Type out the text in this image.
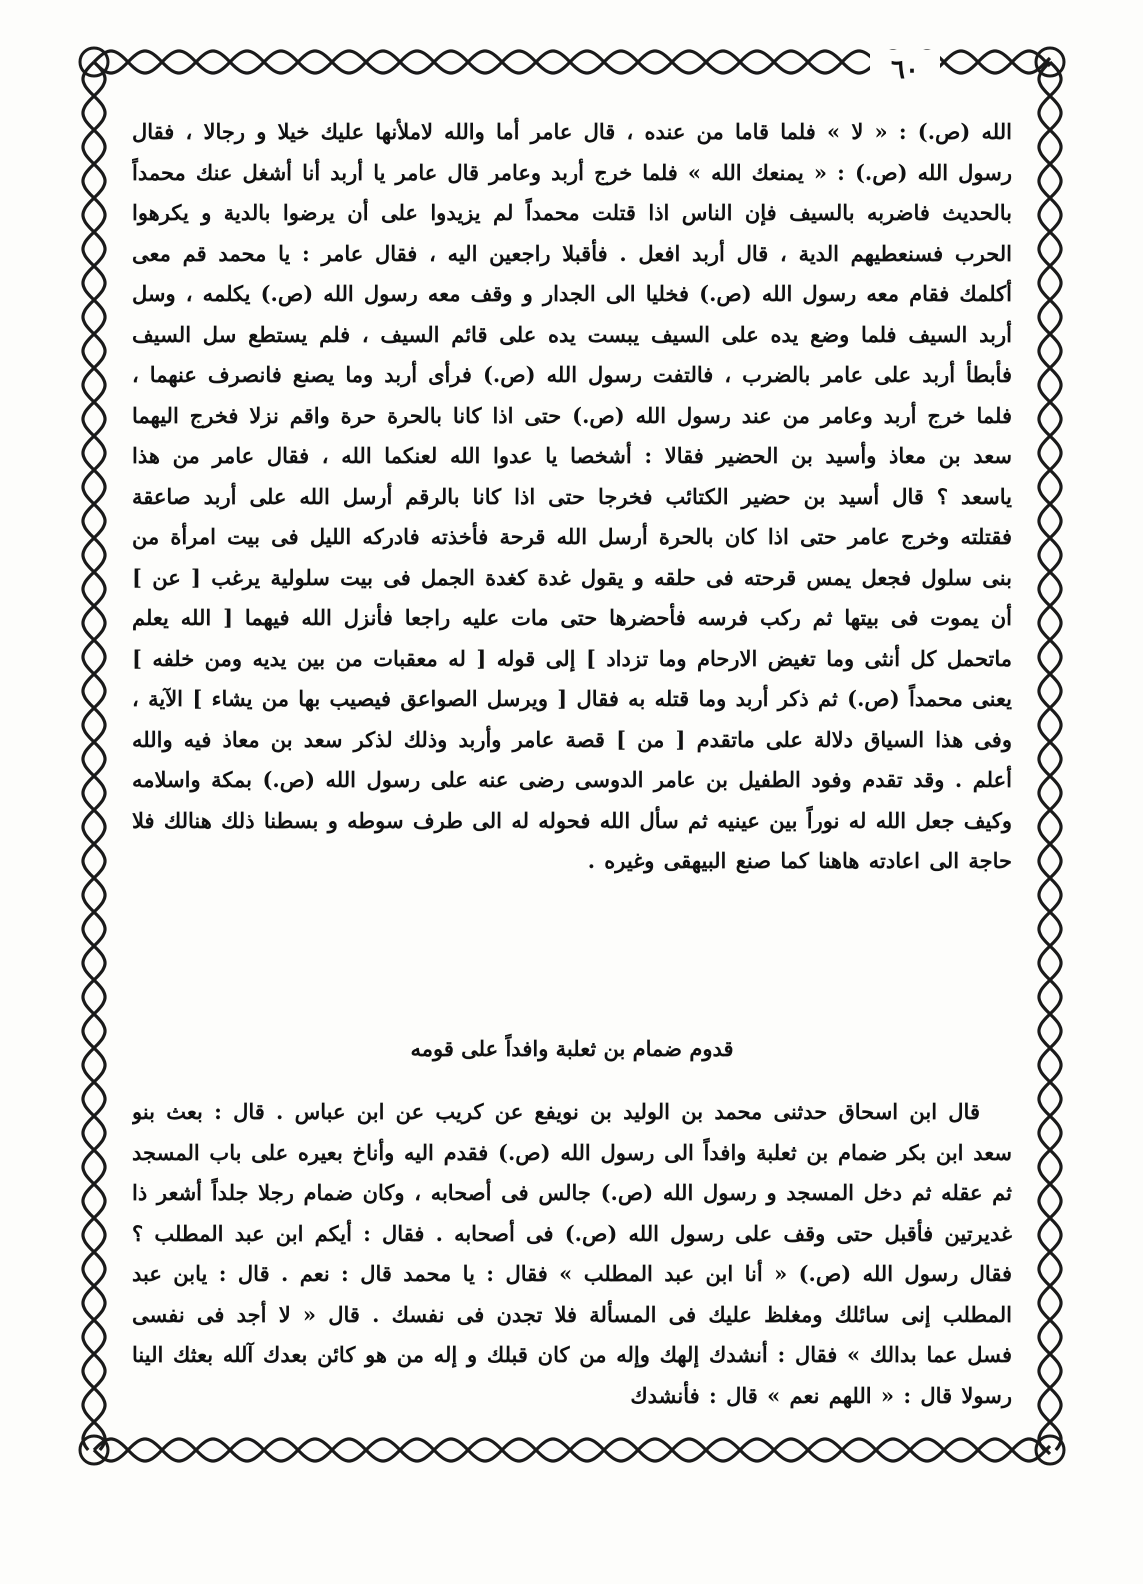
٦٠

الله (ص.) : « لا » فلما قاما من عنده ، قال عامر أما والله لاملأنها عليك خيلا و رجالا ، فقال رسول الله (ص.) : « يمنعك الله » فلما خرج أربد وعامر قال عامر يا أربد أنا أشغل عنك محمداً بالحديث فاضربه بالسيف فإن الناس اذا قتلت محمداً لم يزيدوا على أن يرضوا بالدية و يكرهوا الحرب فسنعطيهم الدية ، قال أربد افعل . فأقبلا راجعين اليه ، فقال عامر : يا محمد قم معى أكلمك فقام معه رسول الله (ص.) فخليا الى الجدار و وقف معه رسول الله (ص.) يكلمه ، وسل أربد السيف فلما وضع يده على السيف يبست يده على قائم السيف ، فلم يستطع سل السيف فأبطأ أربد على عامر بالضرب ، فالتفت رسول الله (ص.) فرأى أربد وما يصنع فانصرف عنهما ، فلما خرج أربد وعامر من عند رسول الله (ص.) حتى اذا كانا بالحرة حرة واقم نزلا فخرج اليهما سعد بن معاذ وأسيد بن الحضير فقالا : أشخصا يا عدوا الله لعنكما الله ، فقال عامر من هذا ياسعد ؟ قال أسيد بن حضير الكتائب فخرجا حتى اذا كانا بالرقم أرسل الله على أربد صاعقة فقتلته وخرج عامر حتى اذا كان بالحرة أرسل الله قرحة فأخذته فادركه الليل فى بيت امرأة من بنى سلول فجعل يمس قرحته فى حلقه و يقول غدة كغدة الجمل فى بيت سلولية يرغب [ عن ] أن يموت فى بيتها ثم ركب فرسه فأحضرها حتى مات عليه راجعا فأنزل الله فيهما [ الله يعلم ماتحمل كل أنثى وما تغيض الارحام وما تزداد ] إلى قوله [ له معقبات من بين يديه ومن خلفه ] يعنى محمداً (ص.) ثم ذكر أربد وما قتله به فقال [ ويرسل الصواعق فيصيب بها من يشاء ] الآية ، وفى هذا السياق دلالة على ماتقدم [ من ] قصة عامر وأربد وذلك لذكر سعد بن معاذ فيه والله أعلم . وقد تقدم وفود الطفيل بن عامر الدوسى رضى عنه على رسول الله (ص.) بمكة واسلامه وكيف جعل الله له نوراً بين عينيه ثم سأل الله فحوله له الى طرف سوطه و بسطنا ذلك هنالك فلا حاجة الى اعادته هاهنا كما صنع البيهقى وغيره .

قدوم ضمام بن ثعلبة وافداً على قومه

قال ابن اسحاق حدثنى محمد بن الوليد بن نويفع عن كريب عن ابن عباس . قال : بعث بنو سعد ابن بكر ضمام بن ثعلبة وافداً الى رسول الله (ص.) فقدم اليه وأناخ بعيره على باب المسجد ثم عقله ثم دخل المسجد و رسول الله (ص.) جالس فى أصحابه ، وكان ضمام رجلا جلداً أشعر ذا غديرتين فأقبل حتى وقف على رسول الله (ص.) فى أصحابه . فقال : أيكم ابن عبد المطلب ؟ فقال رسول الله (ص.) « أنا ابن عبد المطلب » فقال : يا محمد قال : نعم . قال : يابن عبد المطلب إنى سائلك ومغلظ عليك فى المسألة فلا تجدن فى نفسك . قال « لا أجد فى نفسى فسل عما بدالك » فقال : أنشدك إلهك وإله من كان قبلك و إله من هو كائن بعدك آلله بعثك الينا رسولا قال : « اللهم نعم » قال : فأنشدك
